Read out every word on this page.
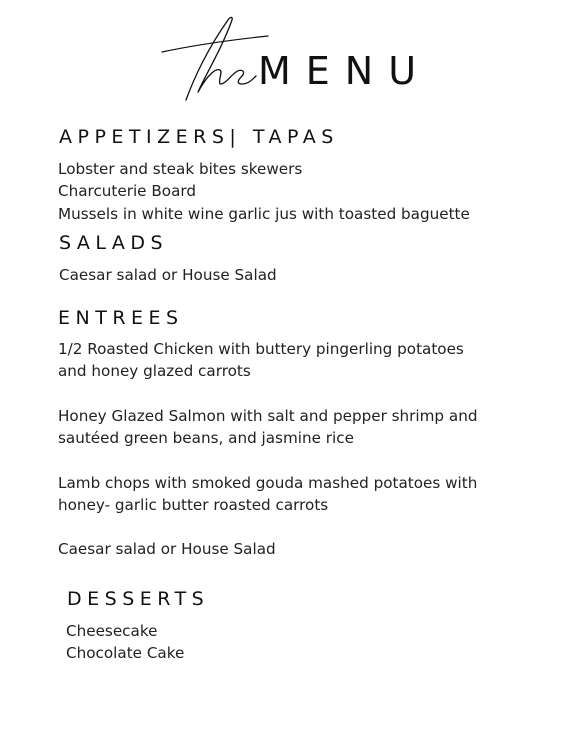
MENU
APPETIZERS| TAPAS
Lobster and steak bites skewers
Charcuterie Board
Mussels in white wine garlic jus with toasted baguette
SALADS
Caesar salad or House Salad
ENTREES
1/2 Roasted Chicken with buttery pingerling potatoes
and honey glazed carrots
Honey Glazed Salmon with salt and pepper shrimp and
sautéed green beans, and jasmine rice
Lamb chops with smoked gouda mashed potatoes with
honey- garlic butter roasted carrots
Caesar salad or House Salad
DESSERTS
Cheesecake
Chocolate Cake
